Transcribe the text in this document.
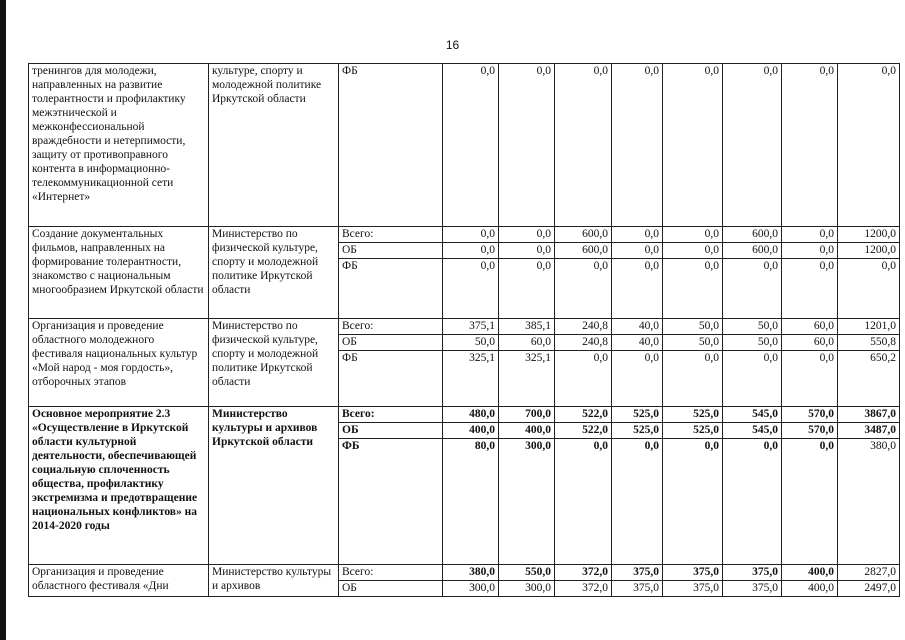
16
тренингов для молодежи, направленных на развитие толерантности и профилактику межэтнической и межконфессиональной враждебности и нетерпимости, защиту от противоправного контента в информационно-телекоммуникационной сети «Интернет»	культуре, спорту и молодежной политике Иркутской области	ФБ	0,0	0,0	0,0	0,0	0,0	0,0	0,0	0,0
Создание документальных фильмов, направленных на формирование толерантности, знакомство с национальным многообразием Иркутской области	Министерство по физической культуре, спорту и молодежной политике Иркутской области	Всего:	0,0	0,0	600,0	0,0	0,0	600,0	0,0	1200,0
		ОБ	0,0	0,0	600,0	0,0	0,0	600,0	0,0	1200,0
		ФБ	0,0	0,0	0,0	0,0	0,0	0,0	0,0	0,0
Организация и проведение областного молодежного фестиваля национальных культур «Мой народ - моя гордость», отборочных этапов	Министерство по физической культуре, спорту и молодежной политике Иркутской области	Всего:	375,1	385,1	240,8	40,0	50,0	50,0	60,0	1201,0
		ОБ	50,0	60,0	240,8	40,0	50,0	50,0	60,0	550,8
		ФБ	325,1	325,1	0,0	0,0	0,0	0,0	0,0	650,2
Основное мероприятие 2.3 «Осуществление в Иркутской области культурной деятельности, обеспечивающей социальную сплоченность общества, профилактику экстремизма и предотвращение национальных конфликтов» на 2014-2020 годы	Министерство культуры и архивов Иркутской области	Всего:	480,0	700,0	522,0	525,0	525,0	545,0	570,0	3867,0
		ОБ	400,0	400,0	522,0	525,0	525,0	545,0	570,0	3487,0
		ФБ	80,0	300,0	0,0	0,0	0,0	0,0	0,0	380,0
Организация и проведение областного фестиваля «Дни	Министерство культуры и архивов	Всего:	380,0	550,0	372,0	375,0	375,0	375,0	400,0	2827,0
		ОБ	300,0	300,0	372,0	375,0	375,0	375,0	400,0	2497,0
